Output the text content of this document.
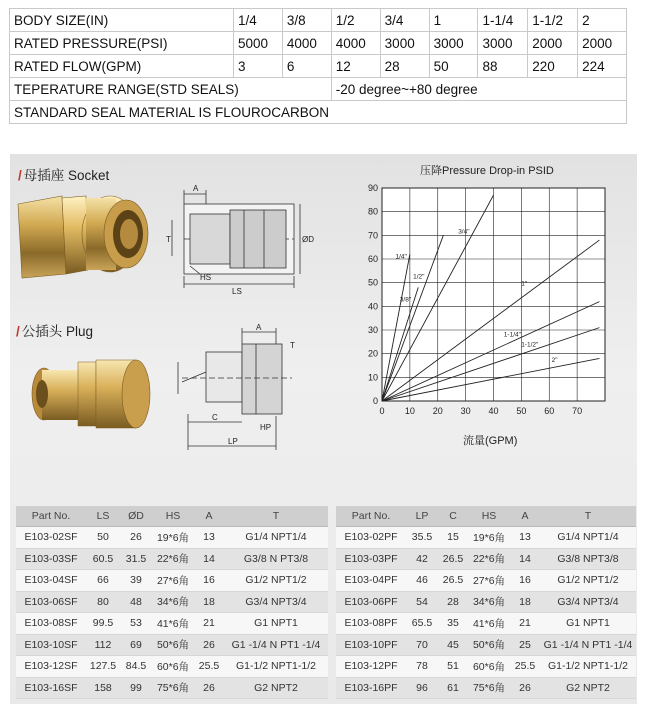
BODY SIZE(IN)	1/4	3/8	1/2	3/4	1	1-1/4	1-1/2	2
RATED PRESSURE(PSI)	5000	4000	4000	3000	3000	3000	2000	2000
RATED FLOW(GPM)	3	6	12	28	50	88	220	224
TEPERATURE RANGE(STD SEALS)			-20 degree~+80 degree					
STANDARD SEAL MATERIAL IS FLOUROCARBON								
/ 母插座 Socket
A
T
HS
LS
ØD
/ 公插头 Plug	A
T
C
HP
LP
压降Pressure Drop-in PSID
0
10
20
30
40
50
60
70
80
90
0 10 20 30 40 50 60 70
1/4"
3/8"
1/2"
3/4"
1"
1-1/4"
1-1/2"
2"
流量(GPM)
Part No.	LS	ØD	HS	A	T
E103-02SF	50	26	19*6角	13	G1/4 NPT1/4
E103-03SF	60.5	31.5	22*6角	14	G3/8 N PT3/8
E103-04SF	66	39	27*6角	16	G1/2 NPT1/2
E103-06SF	80	48	34*6角	18	G3/4 NPT3/4
E103-08SF	99.5	53	41*6角	21	G1 NPT1
E103-10SF	112	69	50*6角	26	G1 -1/4 N PT1 -1/4
E103-12SF	127.5	84.5	60*6角	25.5	G1-1/2 NPT1-1/2
E103-16SF	158	99	75*6角	26	G2 NPT2
Part No.	LP	C	HS	A	T
E103-02PF	35.5	15	19*6角	13	G1/4 NPT1/4
E103-03PF	42	26.5	22*6角	14	G3/8 NPT3/8
E103-04PF	46	26.5	27*6角	16	G1/2 NPT1/2
E103-06PF	54	28	34*6角	18	G3/4 NPT3/4
E103-08PF	65.5	35	41*6角	21	G1 NPT1
E103-10PF	70	45	50*6角	25	G1 -1/4 N PT1 -1/4
E103-12PF	78	51	60*6角	25.5	G1-1/2 NPT1-1/2
E103-16PF	96	61	75*6角	26	G2 NPT2
